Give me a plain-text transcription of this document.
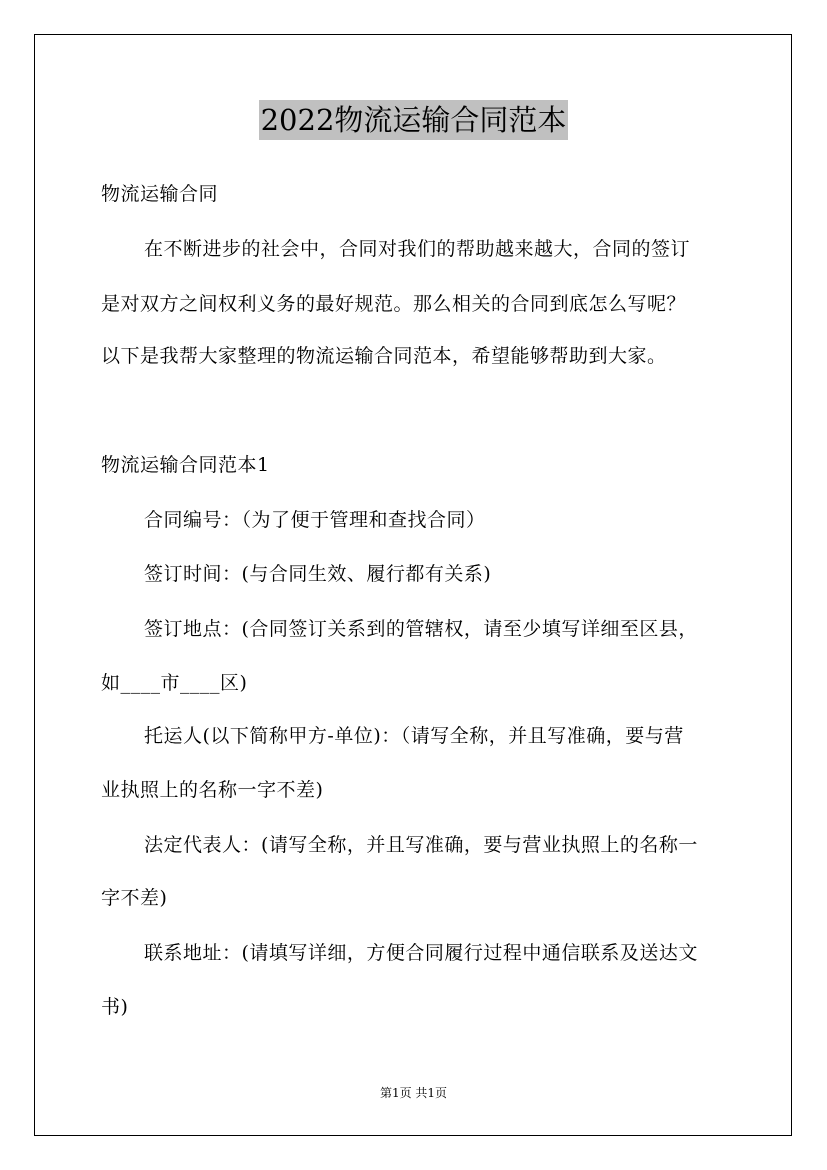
2022物流运输合同范本
物流运输合同
在不断进步的社会中，合同对我们的帮助越来越大，合同的签订
是对双方之间权利义务的最好规范。那么相关的合同到底怎么写呢？
以下是我帮大家整理的物流运输合同范本，希望能够帮助到大家。
物流运输合同范本1
合同编号：（为了便于管理和查找合同）
签订时间：(与合同生效、履行都有关系)
签订地点：(合同签订关系到的管辖权，请至少填写详细至区县，
如____市____区)
托运人(以下简称甲方-单位)：（请写全称，并且写准确，要与营
业执照上的名称一字不差)
法定代表人：(请写全称，并且写准确，要与营业执照上的名称一
字不差)
联系地址：(请填写详细，方便合同履行过程中通信联系及送达文
书)
第1页 共1页
